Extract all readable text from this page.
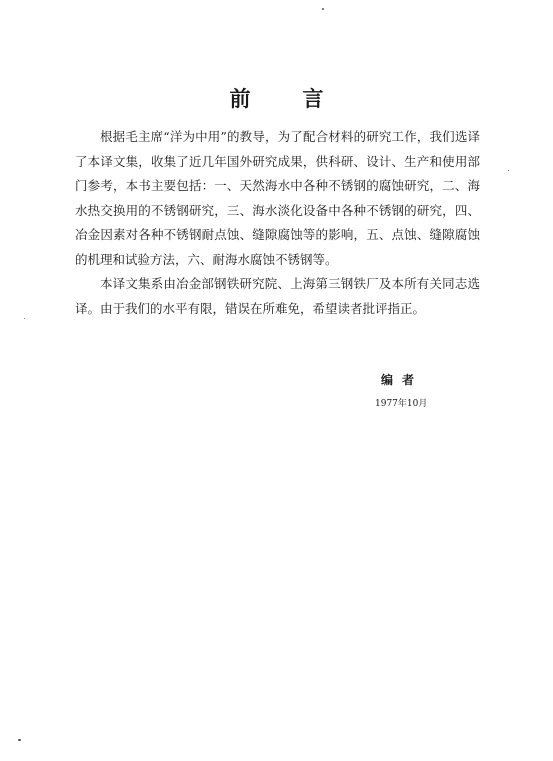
前 言

根据毛主席“洋为中用”的教导，为了配合材料的研究工作，我们选译了本译文集，收集了近几年国外研究成果，供科研、设计、生产和使用部门参考，本书主要包括：一、天然海水中各种不锈钢的腐蚀研究，二、海水热交换用的不锈钢研究，三、海水淡化设备中各种不锈钢的研究，四、冶金因素对各种不锈钢耐点蚀、缝隙腐蚀等的影响，五、点蚀、缝隙腐蚀的机理和试验方法，六、耐海水腐蚀不锈钢等。

本译文集系由冶金部钢铁研究院、上海第三钢铁厂及本所有关同志选译。由于我们的水平有限，错误在所难免，希望读者批评指正。

编者
1977年10月
